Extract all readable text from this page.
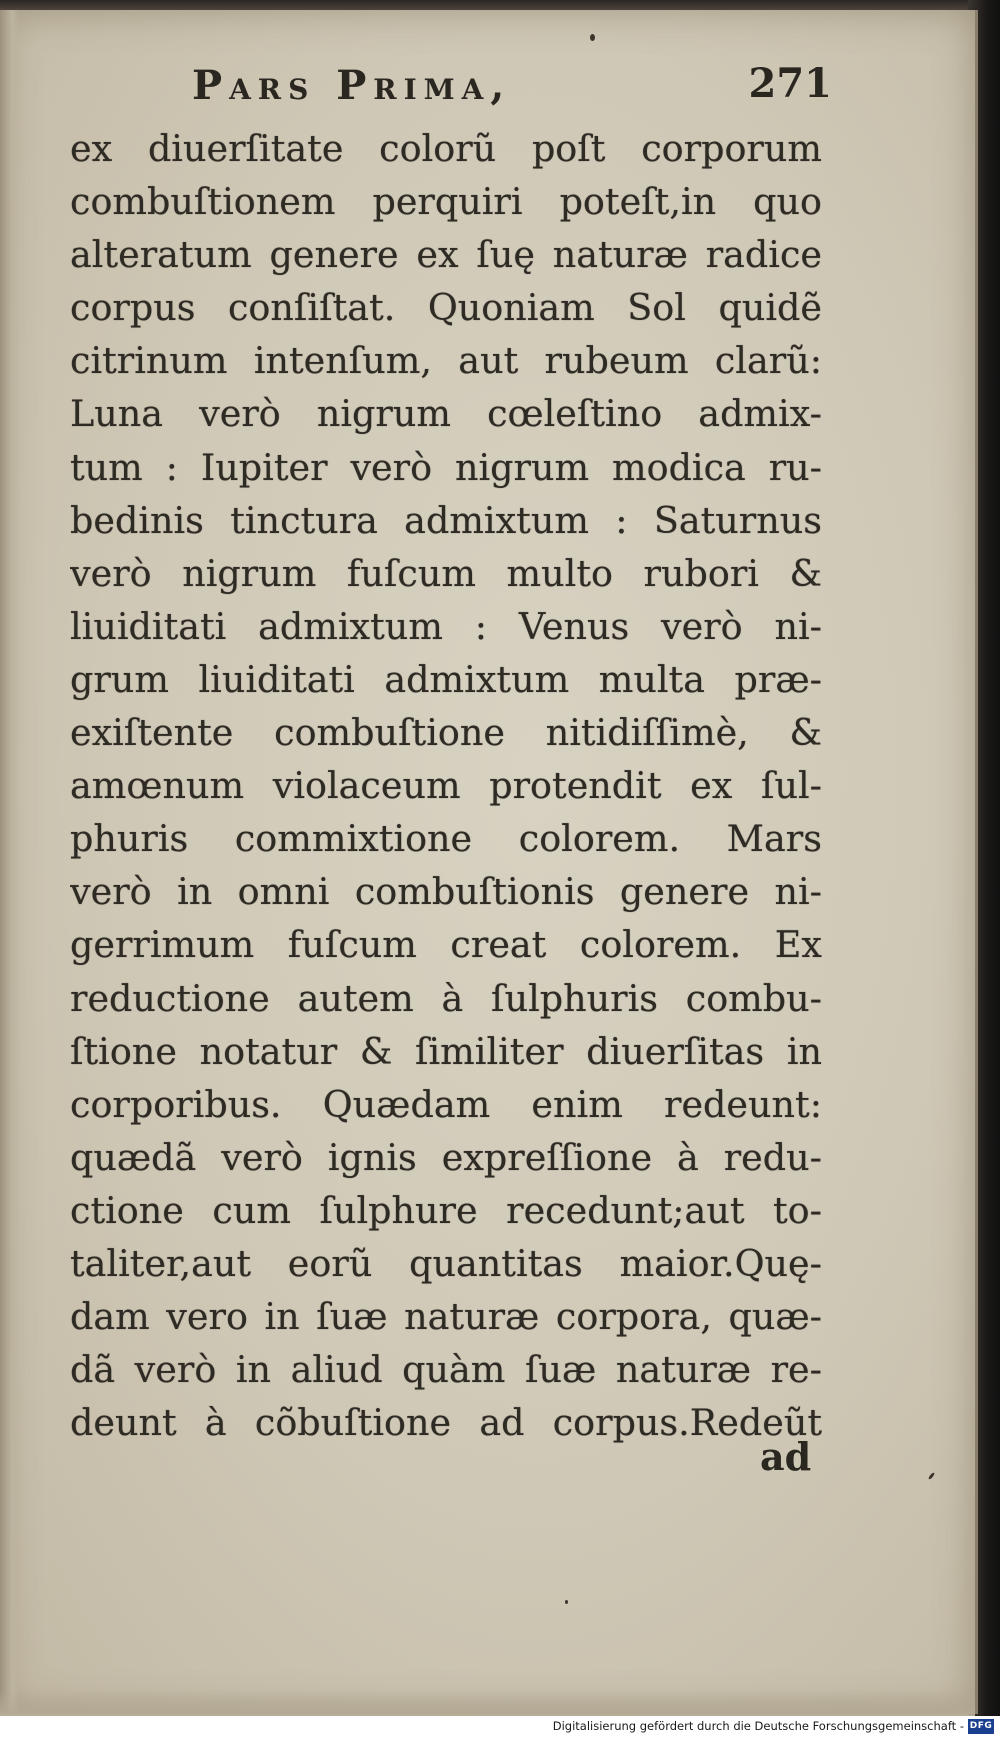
Pars Prima,	271
ex diuerſitate colorũ poſt corporum
combuſtionem perquiri poteſt,in quo
alteratum genere ex ſuę naturæ radice
corpus conſiſtat. Quoniam Sol quidẽ
citrinum intenſum, aut rubeum clarũ:
Luna verò nigrum cœleſtino admix-
tum : Iupiter verò nigrum modica ru-
bedinis tinctura admixtum : Saturnus
verò nigrum fuſcum multo rubori &
liuiditati admixtum : Venus verò ni-
grum liuiditati admixtum multa præ-
exiſtente combuſtione nitidiſſimè, &
amœnum violaceum protendit ex ſul-
phuris commixtione colorem. Mars
verò in omni combuſtionis genere ni-
gerrimum fuſcum creat colorem. Ex
reductione autem à ſulphuris combu-
ſtione notatur & ſimiliter diuerſitas in
corporibus. Quædam enim redeunt:
quædã verò ignis expreſſione à redu-
ctione cum ſulphure recedunt;aut to-
taliter,aut eorũ quantitas maior.Quę-
dam vero in ſuæ naturæ corpora, quæ-
dã verò in aliud quàm ſuæ naturæ re-
deunt à cõbuſtione ad corpus.Redeũt
ad
Digitalisierung gefördert durch die Deutsche Forschungsgemeinschaft - DFG
